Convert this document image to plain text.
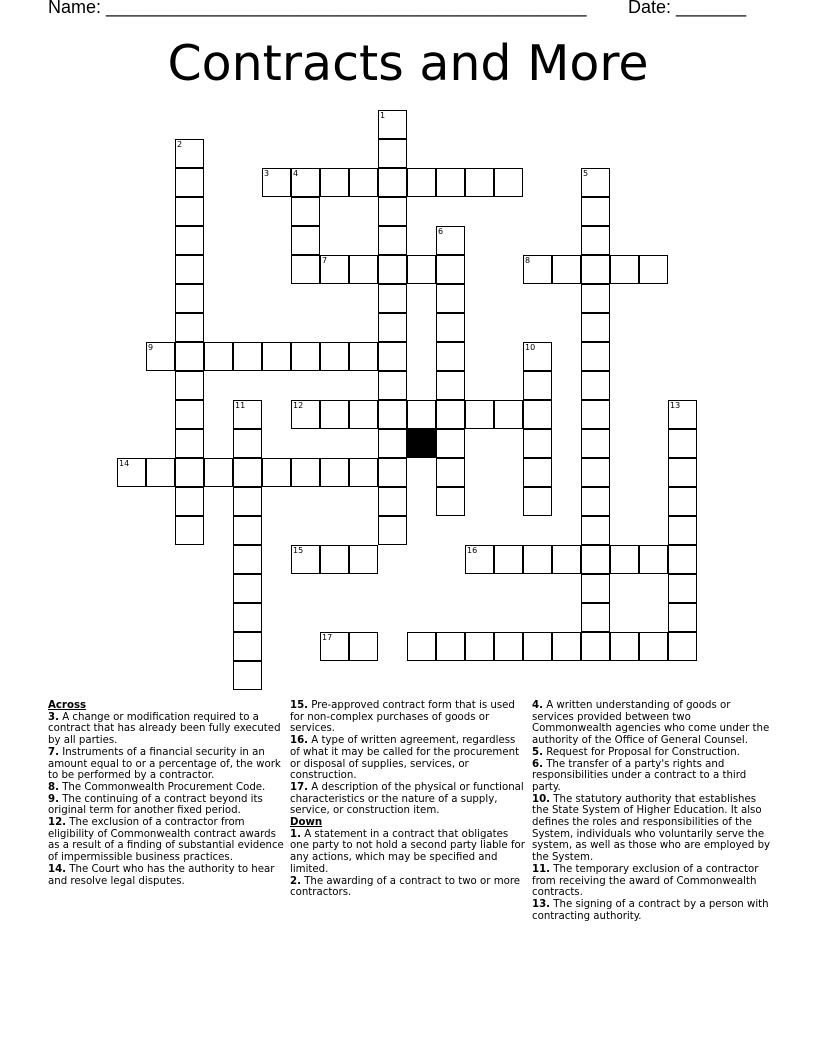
Name: ________________________________________________ Date: _______
Contracts and More
1
2
3	4	5
6
7	8
9	10
11	12	13
14
15	16
17
Across
3. A change or modification required to a contract that has already been fully executed by all parties.
7. Instruments of a financial security in an amount equal to or a percentage of, the work to be performed by a contractor.
8. The Commonwealth Procurement Code.
9. The continuing of a contract beyond its original term for another fixed period.
12. The exclusion of a contractor from eligibility of Commonwealth contract awards as a result of a finding of substantial evidence of impermissible business practices.
14. The Court who has the authority to hear and resolve legal disputes.
15. Pre-approved contract form that is used for non-complex purchases of goods or services.
16. A type of written agreement, regardless of what it may be called for the procurement or disposal of supplies, services, or construction.
17. A description of the physical or functional characteristics or the nature of a supply, service, or construction item.
Down
1. A statement in a contract that obligates one party to not hold a second party liable for any actions, which may be specified and limited.
2. The awarding of a contract to two or more contractors.
4. A written understanding of goods or services provided between two Commonwealth agencies who come under the authority of the Office of General Counsel.
5. Request for Proposal for Construction.
6. The transfer of a party's rights and responsibilities under a contract to a third party.
10. The statutory authority that establishes the State System of Higher Education. It also defines the roles and responsibilities of the System, individuals who voluntarily serve the system, as well as those who are employed by the System.
11. The temporary exclusion of a contractor from receiving the award of Commonwealth contracts.
13. The signing of a contract by a person with contracting authority.
